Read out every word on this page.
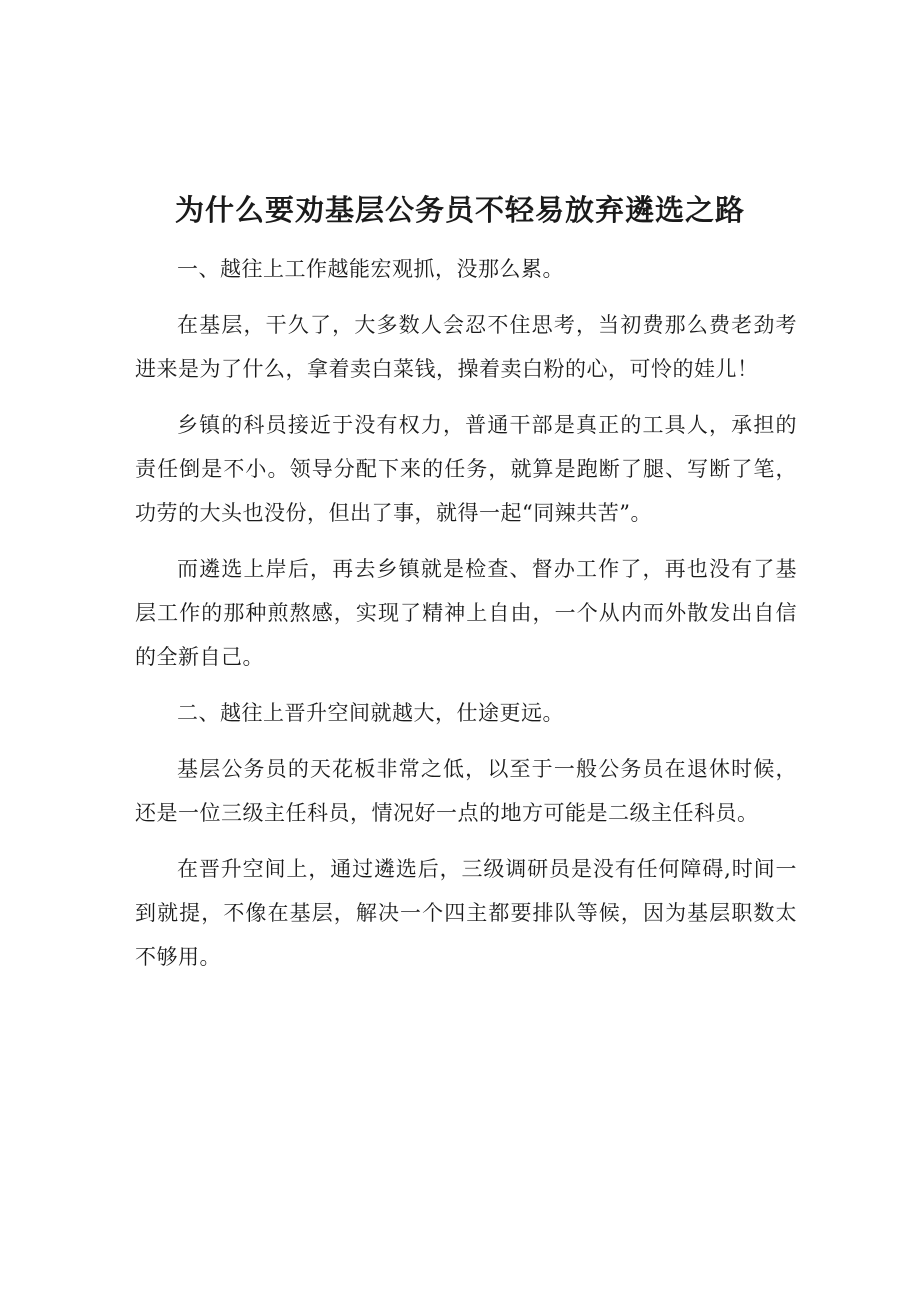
为什么要劝基层公务员不轻易放弃遴选之路

一、越往上工作越能宏观抓，没那么累。

在基层，干久了，大多数人会忍不住思考，当初费那么费老劲考进来是为了什么，拿着卖白菜钱，操着卖白粉的心，可怜的娃儿！

乡镇的科员接近于没有权力，普通干部是真正的工具人，承担的责任倒是不小。领导分配下来的任务，就算是跑断了腿、写断了笔，功劳的大头也没份，但出了事，就得一起“同辣共苦”。

而遴选上岸后，再去乡镇就是检查、督办工作了，再也没有了基层工作的那种煎熬感，实现了精神上自由，一个从内而外散发出自信的全新自己。

二、越往上晋升空间就越大，仕途更远。

基层公务员的天花板非常之低，以至于一般公务员在退休时候，还是一位三级主任科员，情况好一点的地方可能是二级主任科员。

在晋升空间上，通过遴选后，三级调研员是没有任何障碍,时间一到就提，不像在基层，解决一个四主都要排队等候，因为基层职数太不够用。
